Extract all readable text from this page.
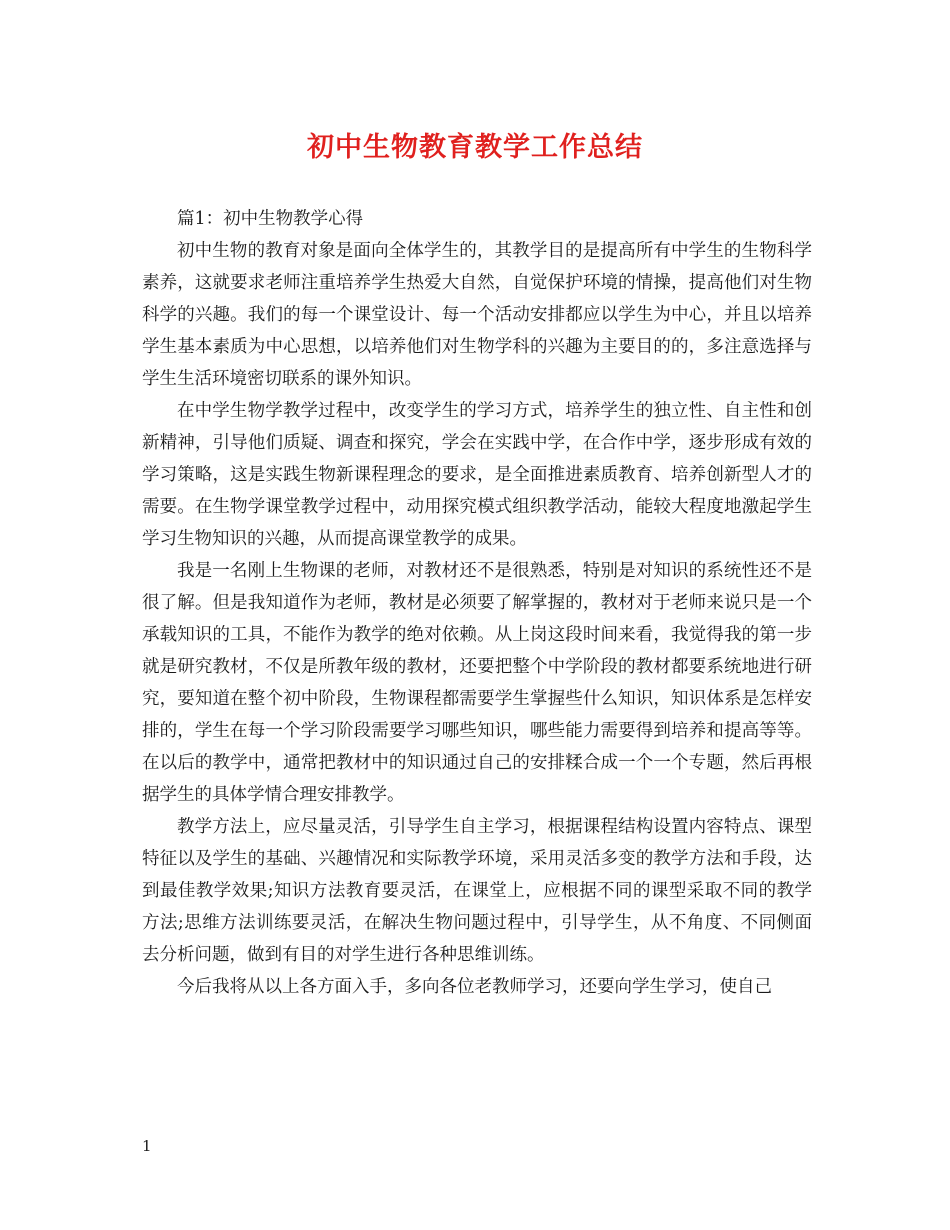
初中生物教育教学工作总结

篇1：初中生物教学心得

初中生物的教育对象是面向全体学生的，其教学目的是提高所有中学生的生物科学素养，这就要求老师注重培养学生热爱大自然，自觉保护环境的情操，提高他们对生物科学的兴趣。我们的每一个课堂设计、每一个活动安排都应以学生为中心，并且以培养学生基本素质为中心思想，以培养他们对生物学科的兴趣为主要目的的，多注意选择与学生生活环境密切联系的课外知识。

在中学生物学教学过程中，改变学生的学习方式，培养学生的独立性、自主性和创新精神，引导他们质疑、调查和探究，学会在实践中学，在合作中学，逐步形成有效的学习策略，这是实践生物新课程理念的要求，是全面推进素质教育、培养创新型人才的需要。在生物学课堂教学过程中，动用探究模式组织教学活动，能较大程度地激起学生学习生物知识的兴趣，从而提高课堂教学的成果。

我是一名刚上生物课的老师，对教材还不是很熟悉，特别是对知识的系统性还不是很了解。但是我知道作为老师，教材是必须要了解掌握的，教材对于老师来说只是一个承载知识的工具，不能作为教学的绝对依赖。从上岗这段时间来看，我觉得我的第一步就是研究教材，不仅是所教年级的教材，还要把整个中学阶段的教材都要系统地进行研究，要知道在整个初中阶段，生物课程都需要学生掌握些什么知识，知识体系是怎样安排的，学生在每一个学习阶段需要学习哪些知识，哪些能力需要得到培养和提高等等。在以后的教学中，通常把教材中的知识通过自己的安排糅合成一个一个专题，然后再根据学生的具体学情合理安排教学。

教学方法上，应尽量灵活，引导学生自主学习，根据课程结构设置内容特点、课型特征以及学生的基础、兴趣情况和实际教学环境，采用灵活多变的教学方法和手段，达到最佳教学效果;知识方法教育要灵活，在课堂上，应根据不同的课型采取不同的教学方法;思维方法训练要灵活，在解决生物问题过程中，引导学生，从不角度、不同侧面去分析问题，做到有目的对学生进行各种思维训练。

今后我将从以上各方面入手，多向各位老教师学习，还要向学生学习，使自己

1
